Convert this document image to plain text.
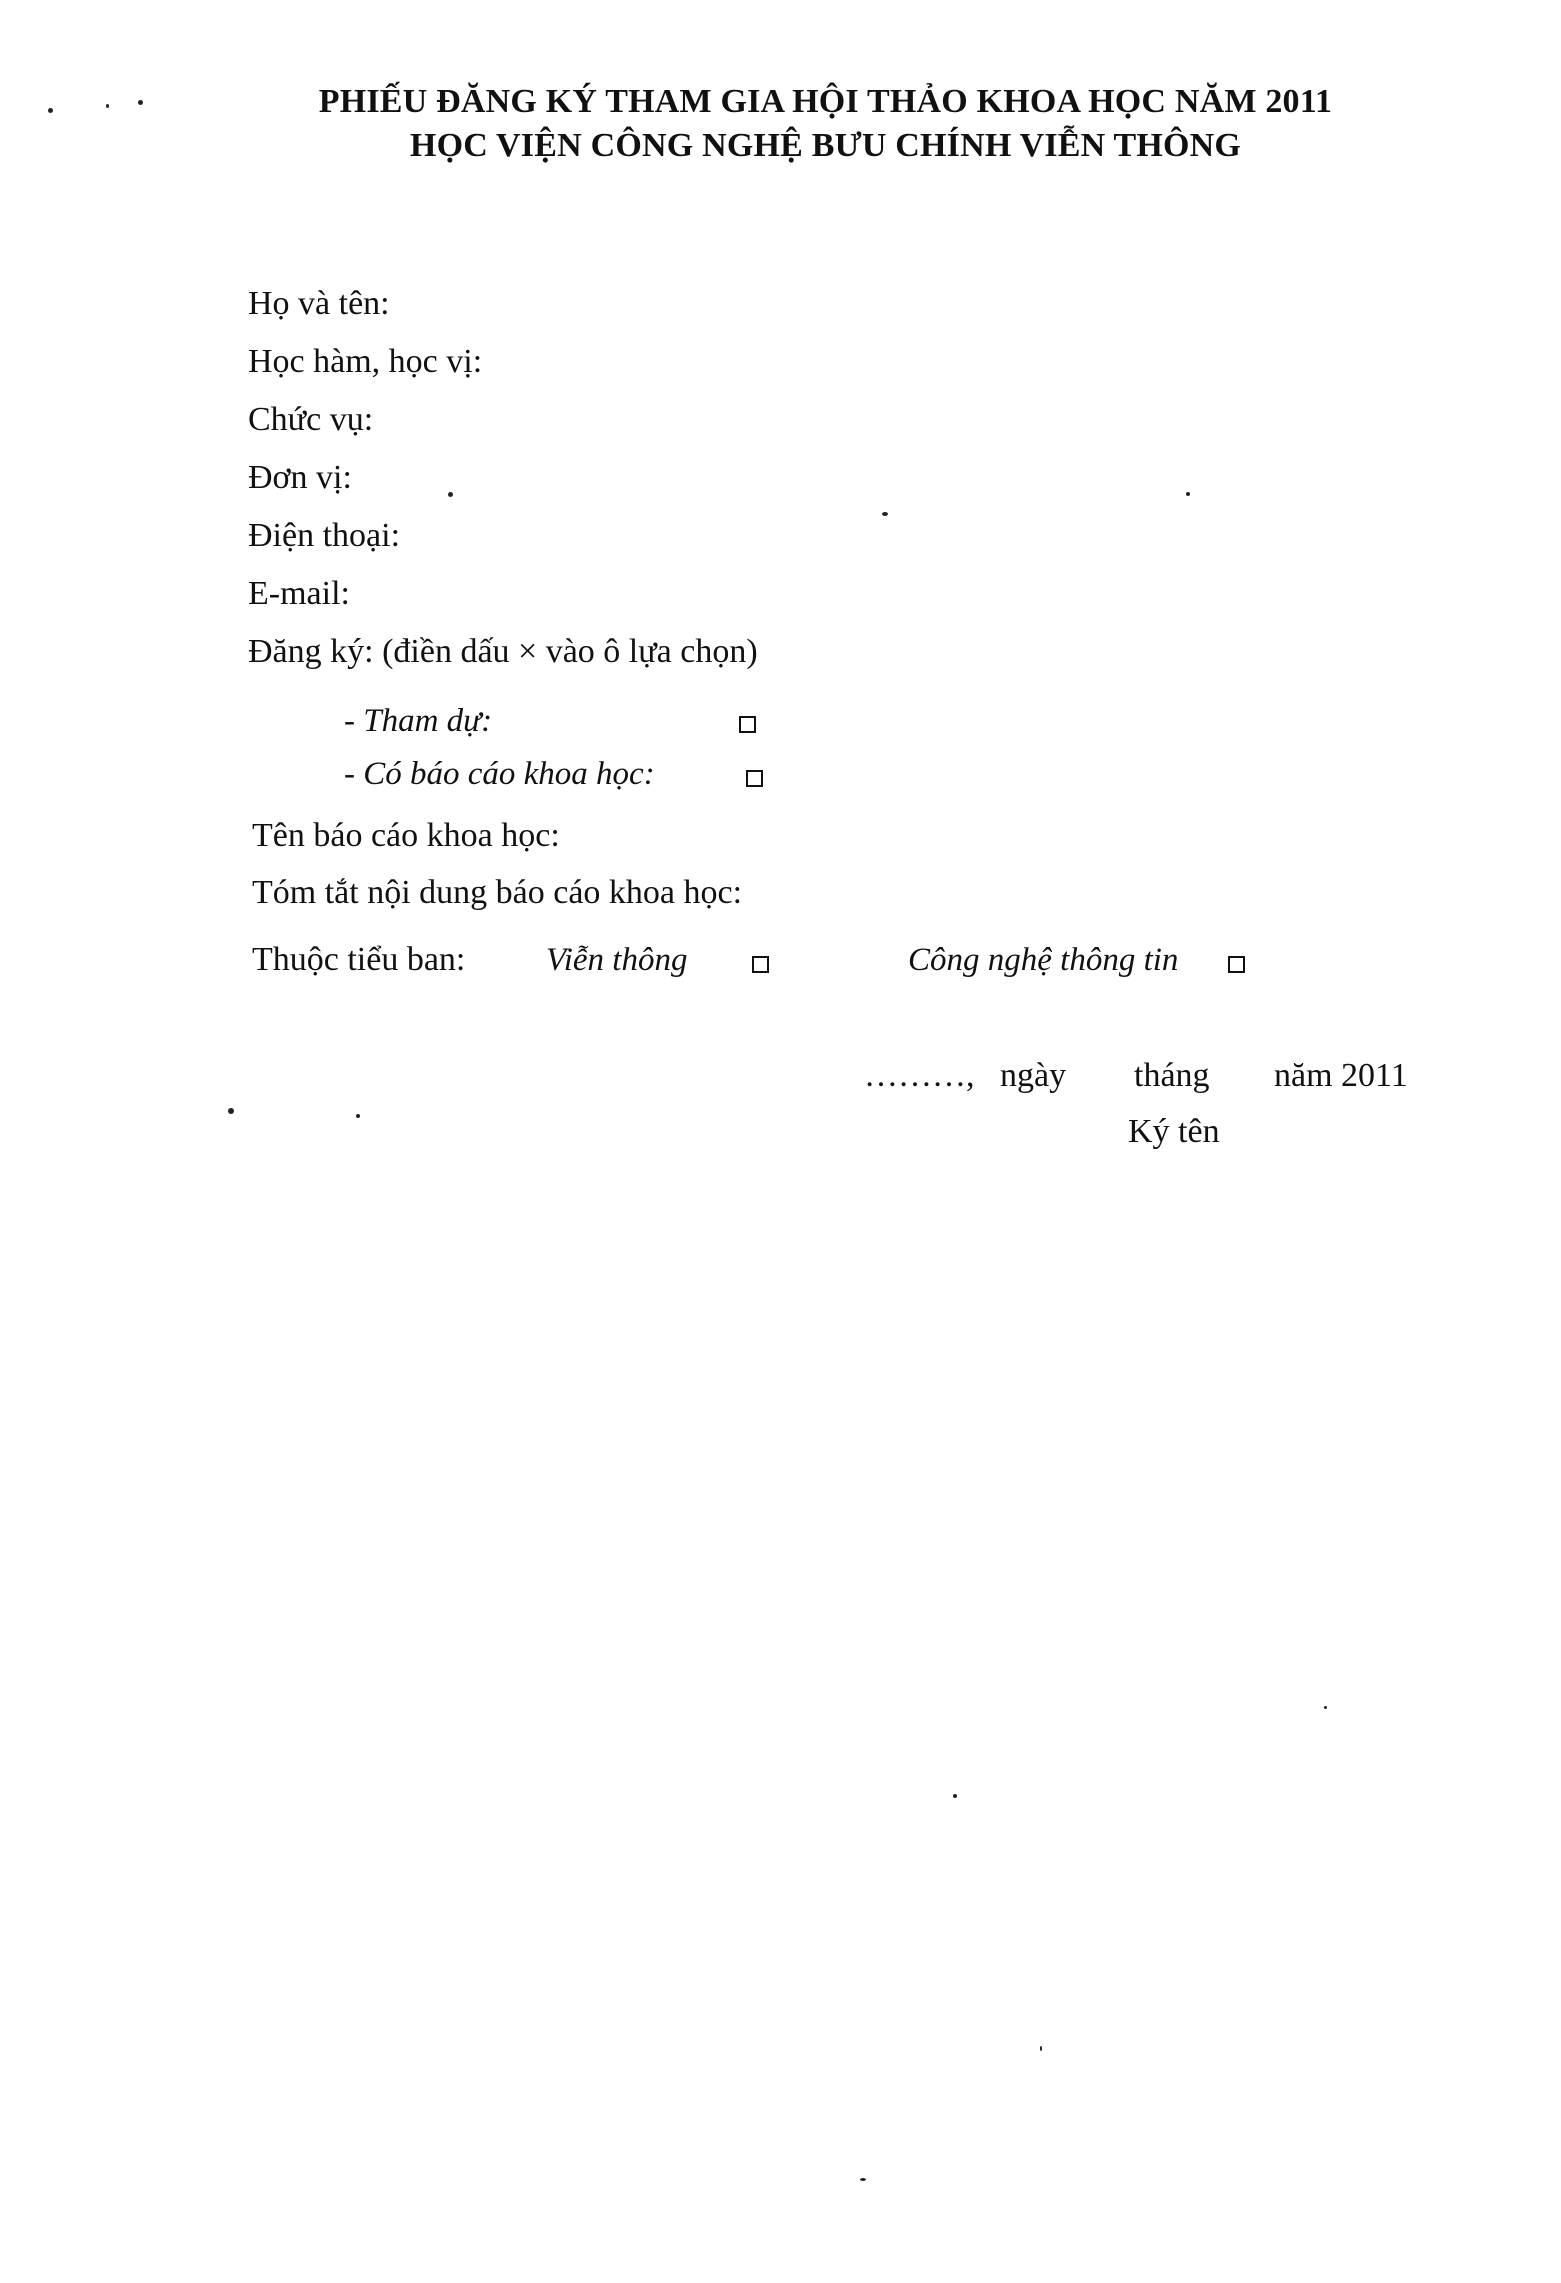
PHIẾU ĐĂNG KÝ THAM GIA HỘI THẢO KHOA HỌC NĂM 2011
HỌC VIỆN CÔNG NGHỆ BƯU CHÍNH VIỄN THÔNG
Họ và tên:
Học hàm, học vị:
Chức vụ:
Đơn vị:
Điện thoại:
E-mail:
Đăng ký: (điền dấu × vào ô lựa chọn)
- Tham dự:
- Có báo cáo khoa học:
Tên báo cáo khoa học:
Tóm tắt nội dung báo cáo khoa học:
Thuộc tiểu ban: Viễn thông	Công nghệ thông tin
………, ngày tháng năm 2011
Ký tên
